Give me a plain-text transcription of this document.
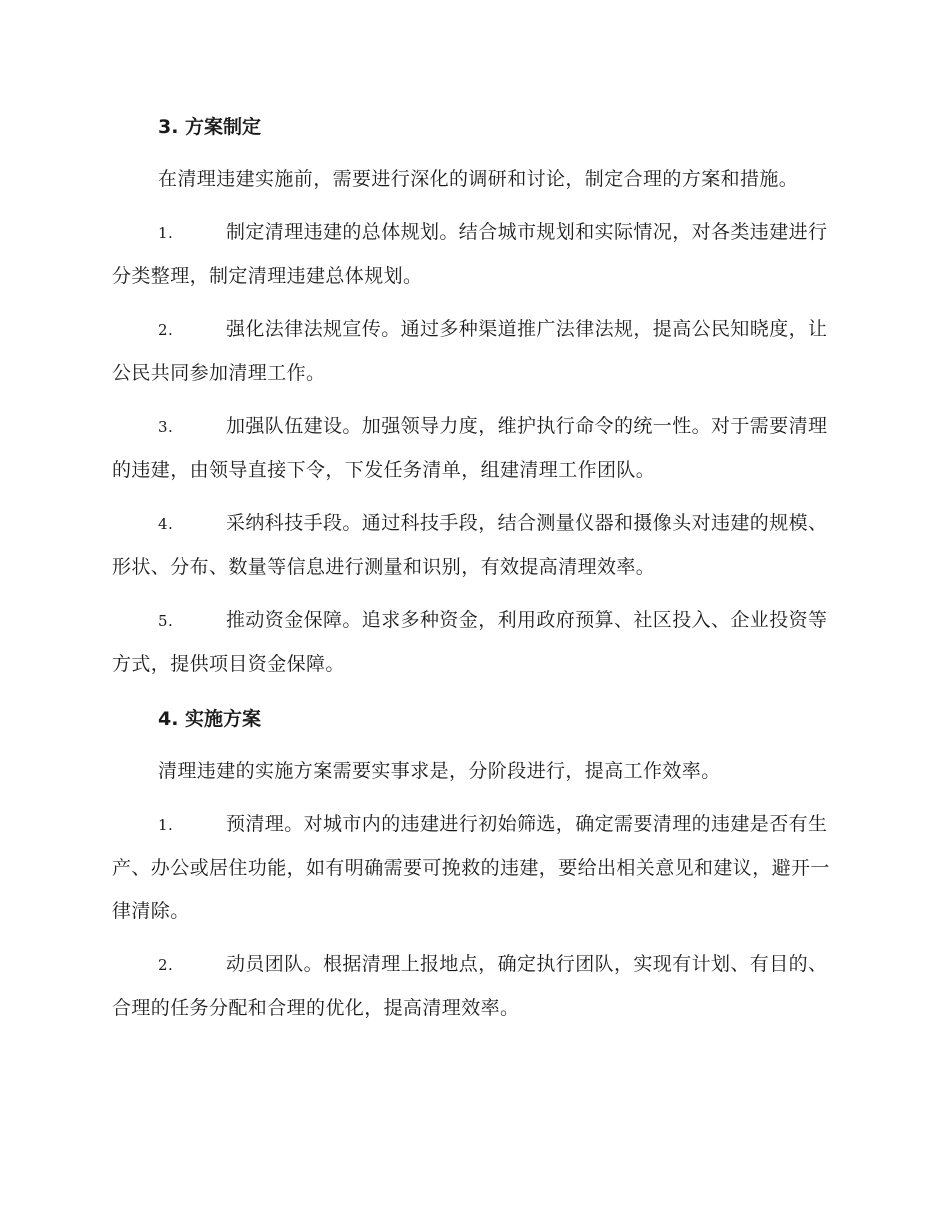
3. 方案制定

在清理违建实施前，需要进行深化的调研和讨论，制定合理的方案和措施。

1.	制定清理违建的总体规划。结合城市规划和实际情况，对各类违建进行分类整理，制定清理违建总体规划。

2.	强化法律法规宣传。通过多种渠道推广法律法规，提高公民知晓度，让公民共同参加清理工作。

3.	加强队伍建设。加强领导力度，维护执行命令的统一性。对于需要清理的违建，由领导直接下令，下发任务清单，组建清理工作团队。

4.	采纳科技手段。通过科技手段，结合测量仪器和摄像头对违建的规模、形状、分布、数量等信息进行测量和识别，有效提高清理效率。

5.	推动资金保障。追求多种资金，利用政府预算、社区投入、企业投资等方式，提供项目资金保障。

4. 实施方案

清理违建的实施方案需要实事求是，分阶段进行，提高工作效率。

1.	预清理。对城市内的违建进行初始筛选，确定需要清理的违建是否有生产、办公或居住功能，如有明确需要可挽救的违建，要给出相关意见和建议，避开一律清除。

2.	动员团队。根据清理上报地点，确定执行团队，实现有计划、有目的、合理的任务分配和合理的优化，提高清理效率。
